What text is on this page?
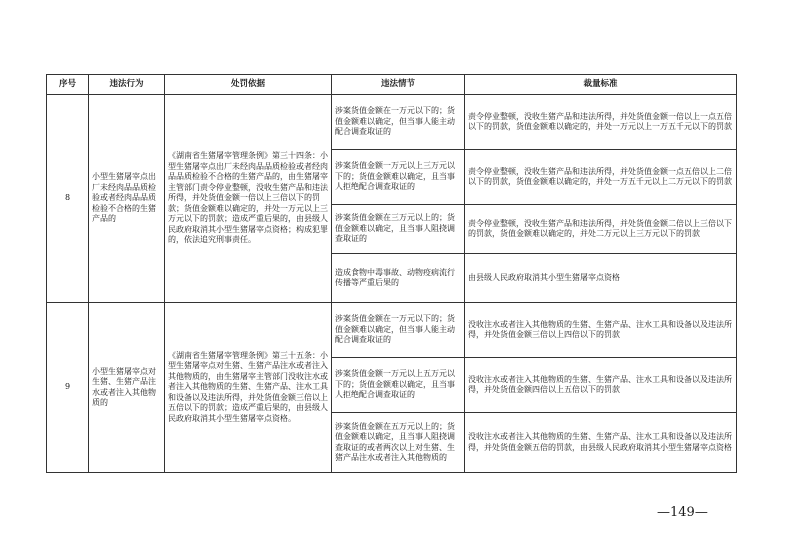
序号	违法行为	处罚依据	违法情节	裁量标准
8	小型生猪屠宰点出厂未经肉品品质检验或者经肉品品质检验不合格的生猪产品的	《湖南省生猪屠宰管理条例》第三十四条：小型生猪屠宰点出厂未经肉品品质检验或者经肉品品质检验不合格的生猪产品的，由生猪屠宰主管部门责令停业整顿，没收生猪产品和违法所得，并处货值金额一倍以上三倍以下的罚款；货值金额难以确定的，并处一万元以上三万元以下的罚款；造成严重后果的，由县级人民政府取消其小型生猪屠宰点资格；构成犯罪的，依法追究刑事责任。	涉案货值金额在一万元以下的；货值金额难以确定，但当事人能主动配合调查取证的	责令停业整顿，没收生猪产品和违法所得，并处货值金额一倍以上一点五倍以下的罚款，货值金额难以确定的，并处一万元以上一万五千元以下的罚款
			涉案货值金额一万元以上三万元以下的；货值金额难以确定，且当事人拒绝配合调查取证的	责令停业整顿，没收生猪产品和违法所得，并处货值金额一点五倍以上二倍以下的罚款，货值金额难以确定的，并处一万五千元以上二万元以下的罚款
			涉案货值金额在三万元以上的；货值金额难以确定，且当事人阻挠调查取证的	责令停业整顿，没收生猪产品和违法所得，并处货值金额二倍以上三倍以下的罚款，货值金额难以确定的，并处二万元以上三万元以下的罚款
			造成食物中毒事故、动物疫病流行传播等严重后果的	由县级人民政府取消其小型生猪屠宰点资格
9	小型生猪屠宰点对生猪、生猪产品注水或者注入其他物质的	《湖南省生猪屠宰管理条例》第三十五条：小型生猪屠宰点对生猪、生猪产品注水或者注入其他物质的，由生猪屠宰主管部门没收注水或者注入其他物质的生猪、生猪产品、注水工具和设备以及违法所得，并处货值金额三倍以上五倍以下的罚款；造成严重后果的，由县级人民政府取消其小型生猪屠宰点资格。	涉案货值金额在一万元以下的；货值金额难以确定，但当事人能主动配合调查取证的	没收注水或者注入其他物质的生猪、生猪产品、注水工具和设备以及违法所得，并处货值金额三倍以上四倍以下的罚款
			涉案货值金额一万元以上五万元以下的；货值金额难以确定，且当事人拒绝配合调查取证的	没收注水或者注入其他物质的生猪、生猪产品、注水工具和设备以及违法所得，并处货值金额四倍以上五倍以下的罚款
			涉案货值金额在五万元以上的；货值金额难以确定，且当事人阻挠调查取证的或者两次以上对生猪、生猪产品注水或者注入其他物质的	没收注水或者注入其他物质的生猪、生猪产品、注水工具和设备以及违法所得，并处货值金额五倍的罚款，由县级人民政府取消其小型生猪屠宰点资格
—149—
